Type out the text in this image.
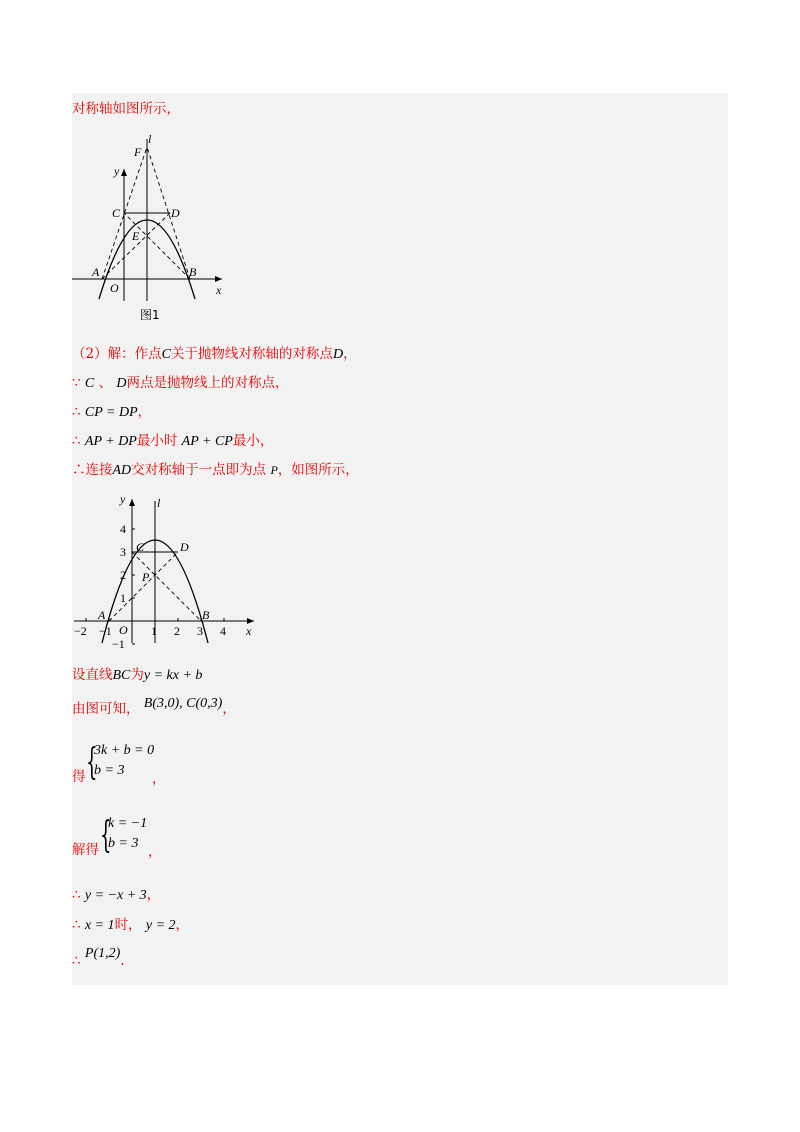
对称轴如图所示，
F
l
y
C	D
E
A
O
B
x
图1
（2）解：作点C关于抛物线对称轴的对称点D，
∵ C 、 D两点是抛物线上的对称点，
∴ CP = DP，
∴ AP + DP最小时 AP + CP最小，
∴连接AD交对称轴于一点即为点 P，如图所示，
y	l
C	D
P
A	B
O	x
−2 −1	1 2 3 4
4
3
2
1
−1
设直线BC为y = kx + b
由图可知， B(3,0), C(0,3)，
得 {
3k + b = 0
b = 3
，
解得 {
k = −1
b = 3
，
∴ y = −x + 3，
∴ x = 1时， y = 2，
∴ P(1,2).
